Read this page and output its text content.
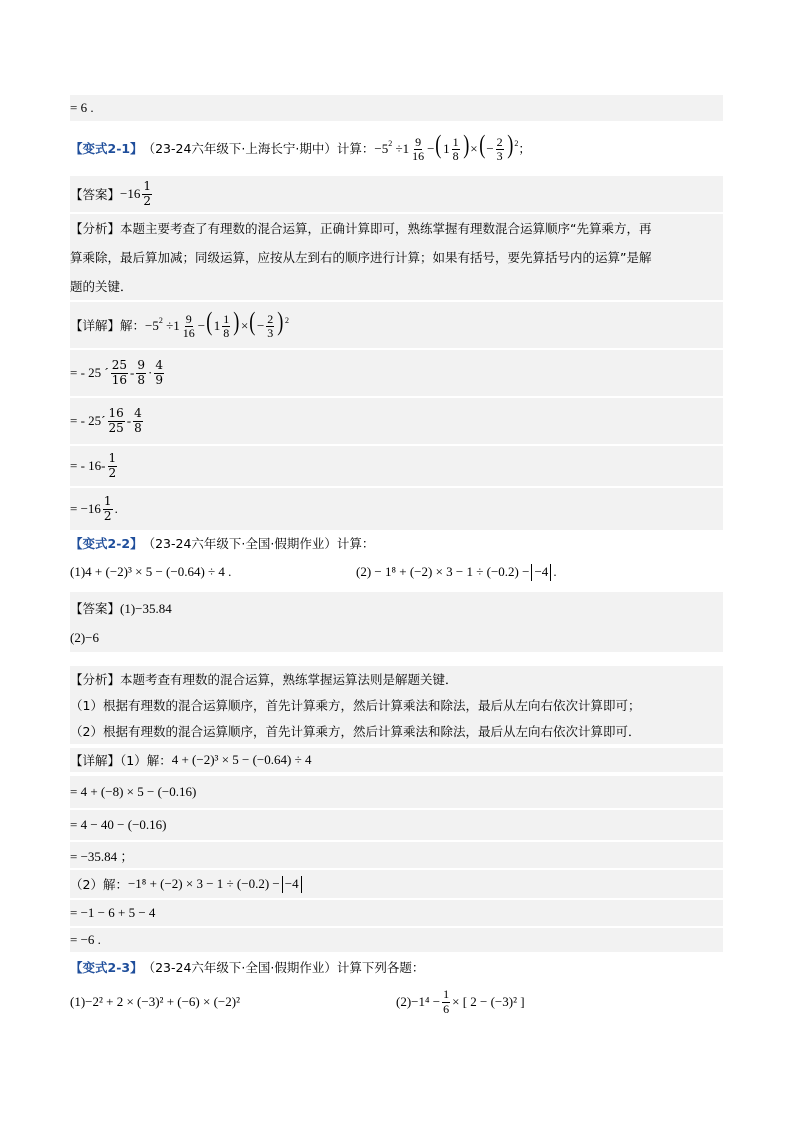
= 6 .
【变式2-1】 （23-24六年级下·上海长宁·期中）计算： $-5^2 \div 1 \frac{9}{16} -(1 \frac{1}{8}$ )×(− $\frac{2}{3} )^2$ ；
【答案】 $-16 \frac{1}{2}$
【分析】本题主要考查了有理数的混合运算，正确计算即可，熟练掌握有理数混合运算顺序“先算乘方，再
算乘除，最后算加减；同级运算，应按从左到右的顺序进行计算；如果有括号，要先算括号内的运算”是解
题的关键．
【详解】解： $-5^2 \div 1 \frac{9}{16} -(1 \frac{1}{8}$ )×(− $\frac{2}{3} )^2$
= - 25 ´ $\frac{25}{16} - \frac{9}{8} \cdot \frac{4}{9}$
= - 25´ $\frac{16}{25} - \frac{4}{8}$
= - $16- \frac{1}{2}$
= $-16 \frac{1}{2}$ .
【变式2-2】 （23-24六年级下·全国·假期作业）计算：
(1)4 + (−2)³ × 5 − (−0.64) ÷ 4 .	(2) − 1⁸ + (−2) × 3 − 1 ÷ (−0.2) − −4 .
【答案】(1)−35.84
(2)−6
【分析】本题考查有理数的混合运算，熟练掌握运算法则是解题关键．
（1）根据有理数的混合运算顺序，首先计算乘方，然后计算乘法和除法，最后从左向右依次计算即可；
（2）根据有理数的混合运算顺序，首先计算乘方，然后计算乘法和除法，最后从左向右依次计算即可．
【详解】（1）解： 4 + (−2)³ × 5 − (−0.64) ÷ 4
= 4 + (−8) × 5 − (−0.16)
= 4 − 40 − (−0.16)
= −35.84 ；
（2）解： −1⁸ + (−2) × 3 − 1 ÷ (−0.2) − −4
= −1 − 6 + 5 − 4
= −6 .
【变式2-3】 （23-24六年级下·全国·假期作业）计算下列各题：
(1)−2² + 2 × (−3)² + (−6) × (−2)²	$(2)-1^4 - \frac{1}{6}$ × [ 2 − (−3)² ]
